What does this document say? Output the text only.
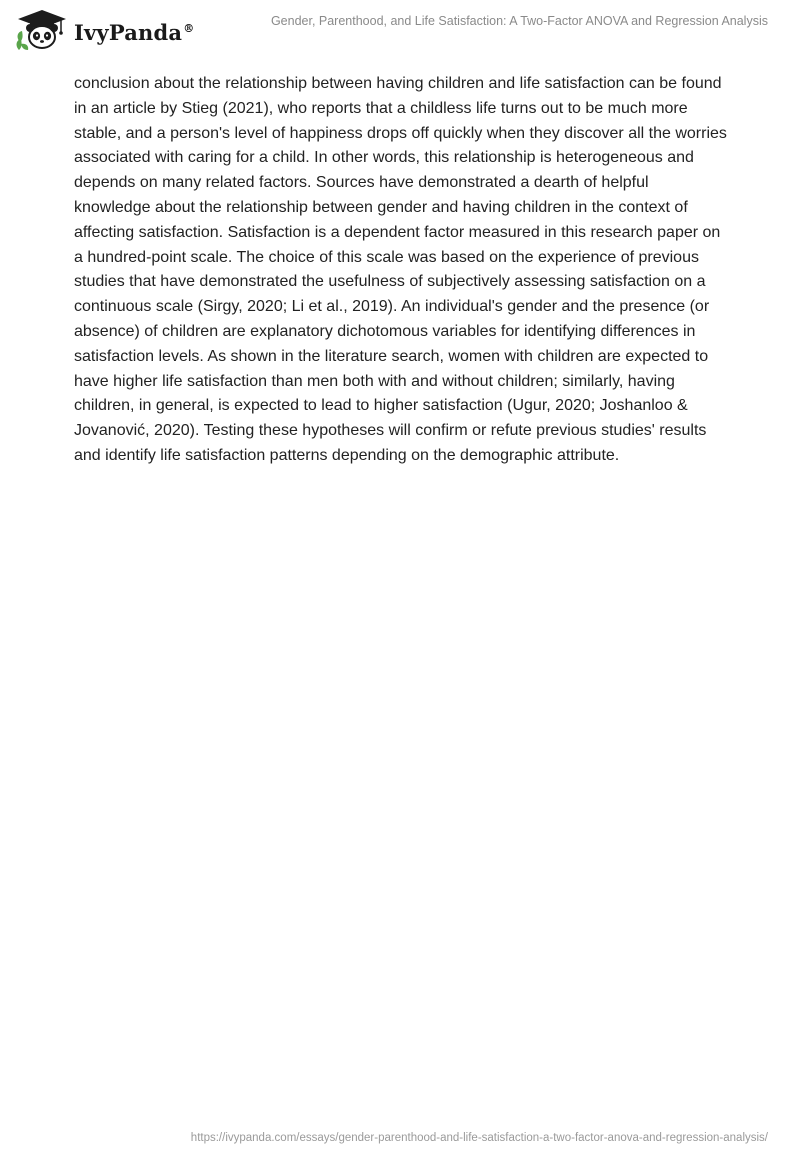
IvyPanda®	Gender, Parenthood, and Life Satisfaction: A Two-Factor ANOVA and Regression Analysis

conclusion about the relationship between having children and life satisfaction can be found in an article by Stieg (2021), who reports that a childless life turns out to be much more stable, and a person's level of happiness drops off quickly when they discover all the worries associated with caring for a child. In other words, this relationship is heterogeneous and depends on many related factors. Sources have demonstrated a dearth of helpful knowledge about the relationship between gender and having children in the context of affecting satisfaction. Satisfaction is a dependent factor measured in this research paper on a hundred-point scale. The choice of this scale was based on the experience of previous studies that have demonstrated the usefulness of subjectively assessing satisfaction on a continuous scale (Sirgy, 2020; Li et al., 2019). An individual's gender and the presence (or absence) of children are explanatory dichotomous variables for identifying differences in satisfaction levels. As shown in the literature search, women with children are expected to have higher life satisfaction than men both with and without children; similarly, having children, in general, is expected to lead to higher satisfaction (Ugur, 2020; Joshanloo & Jovanović, 2020). Testing these hypotheses will confirm or refute previous studies' results and identify life satisfaction patterns depending on the demographic attribute.

https://ivypanda.com/essays/gender-parenthood-and-life-satisfaction-a-two-factor-anova-and-regression-analysis/
